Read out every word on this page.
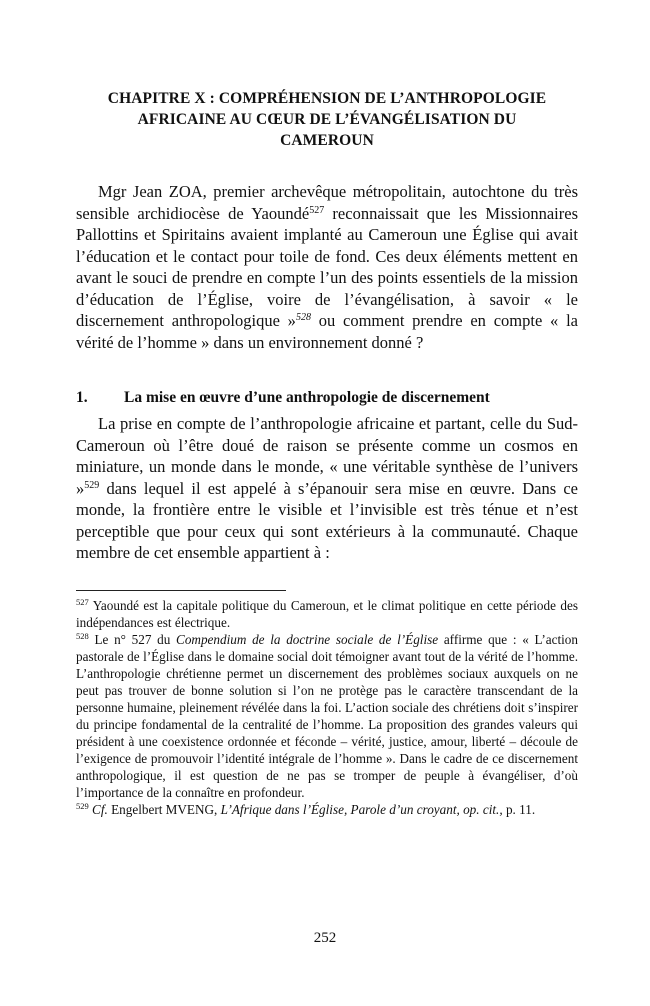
CHAPITRE X : COMPRÉHENSION DE L’ANTHROPOLOGIE
AFRICAINE AU CŒUR DE L’ÉVANGÉLISATION DU
CAMEROUN

Mgr Jean ZOA, premier archevêque métropolitain, autochtone du très sensible archidiocèse de Yaoundé$^{527}$ reconnaissait que les Missionnaires Pallottins et Spiritains avaient implanté au Cameroun une Église qui avait l’éducation et le contact pour toile de fond. Ces deux éléments mettent en avant le souci de prendre en compte l’un des points essentiels de la mission d’éducation de l’Église, voire de l’évangélisation, à savoir « le discernement anthropologique »$^{528}$ ou comment prendre en compte « la vérité de l’homme » dans un environnement donné ?

1.	La mise en œuvre d’une anthropologie de discernement

La prise en compte de l’anthropologie africaine et partant, celle du Sud-Cameroun où l’être doué de raison se présente comme un cosmos en miniature, un monde dans le monde, « une véritable synthèse de l’univers »$^{529}$ dans lequel il est appelé à s’épanouir sera mise en œuvre. Dans ce monde, la frontière entre le visible et l’invisible est très ténue et n’est perceptible que pour ceux qui sont extérieurs à la communauté. Chaque membre de cet ensemble appartient à :

$^{527}$ Yaoundé est la capitale politique du Cameroun, et le climat politique en cette période des indépendances est électrique.

$^{528}$ Le n° 527 du Compendium de la doctrine sociale de l’Église affirme que : « L’action pastorale de l’Église dans le domaine social doit témoigner avant tout de la vérité de l’homme. L’anthropologie chrétienne permet un discernement des problèmes sociaux auxquels on ne peut pas trouver de bonne solution si l’on ne protège pas le caractère transcendant de la personne humaine, pleinement révélée dans la foi. L’action sociale des chrétiens doit s’inspirer du principe fondamental de la centralité de l’homme. La proposition des grandes valeurs qui président à une coexistence ordonnée et féconde – vérité, justice, amour, liberté – découle de l’exigence de promouvoir l’identité intégrale de l’homme ». Dans le cadre de ce discernement anthropologique, il est question de ne pas se tromper de peuple à évangéliser, d’où l’importance de la connaître en profondeur.

$^{529}$ Cf. Engelbert MVENG, L’Afrique dans l’Église, Parole d’un croyant, op. cit., p. 11.

252
